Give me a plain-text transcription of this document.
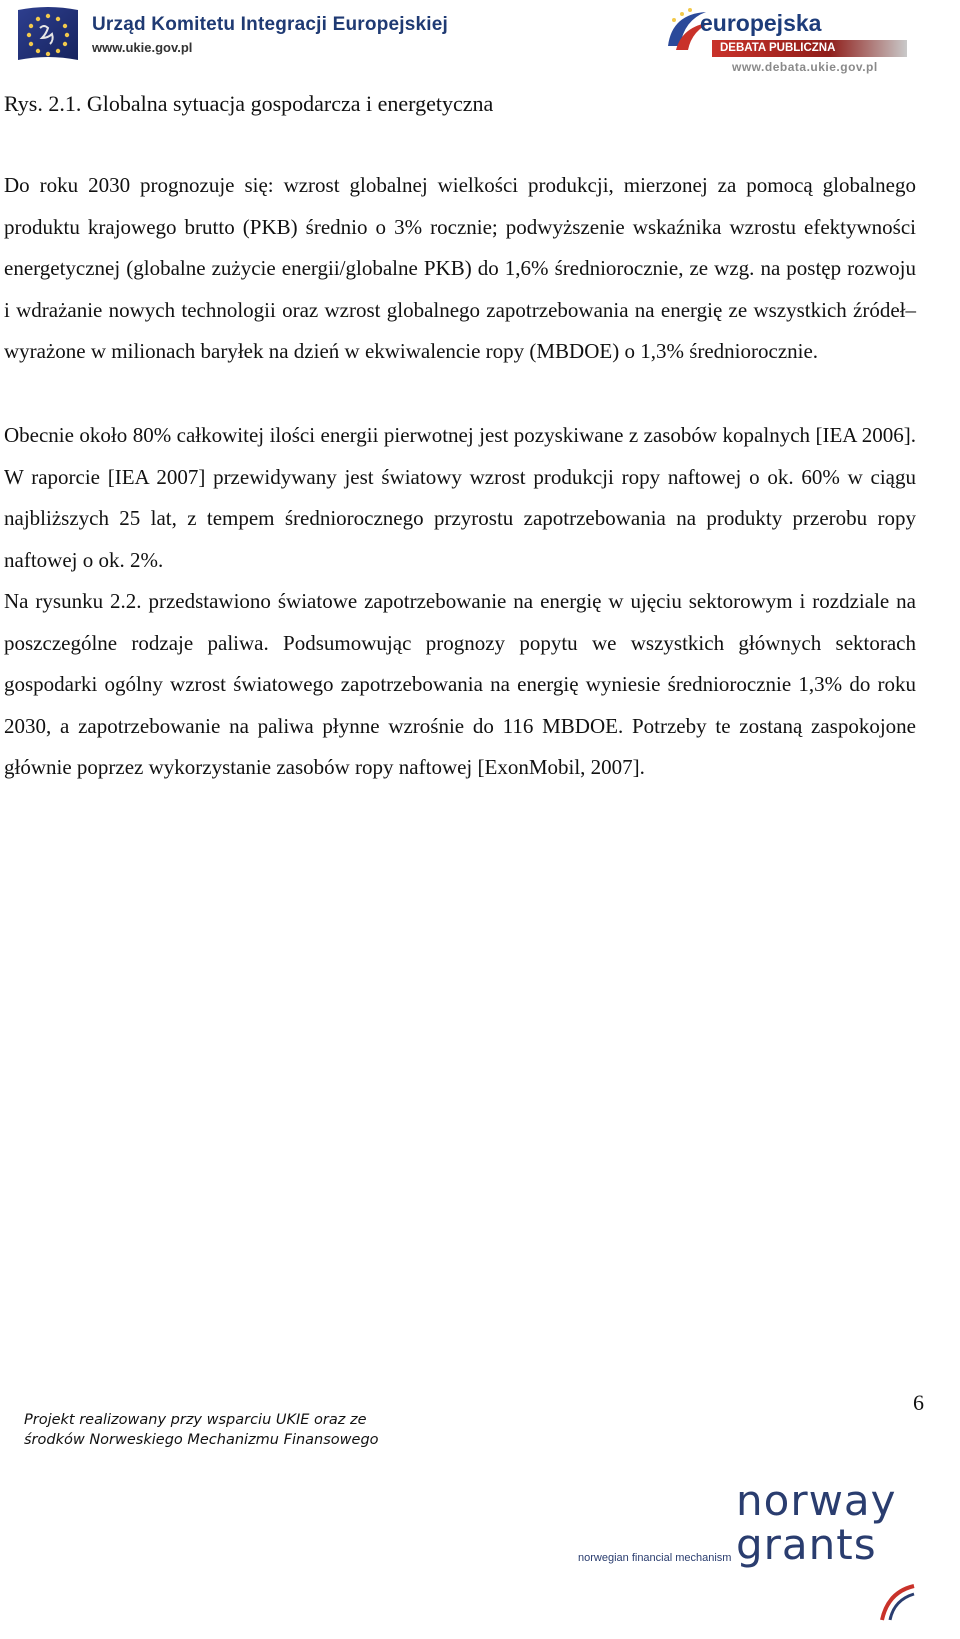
Urząd Komitetu Integracji Europejskiej
www.ukie.gov.pl
europejska
DEBATA PUBLICZNA
www.debata.ukie.gov.pl
Rys. 2.1. Globalna sytuacja gospodarcza i energetyczna

Do roku 2030 prognozuje się: wzrost globalnej wielkości produkcji, mierzonej za pomocą globalnego produktu krajowego brutto (PKB) średnio o 3% rocznie; podwyższenie wskaźnika wzrostu efektywności energetycznej (globalne zużycie energii/globalne PKB) do 1,6% średniorocznie, ze wzg. na postęp rozwoju i wdrażanie nowych technologii oraz wzrost globalnego zapotrzebowania na energię ze wszystkich źródeł–wyrażone w milionach baryłek na dzień w ekwiwalencie ropy (MBDOE) o 1,3% średniorocznie.

Obecnie około 80% całkowitej ilości energii pierwotnej jest pozyskiwane z zasobów kopalnych [IEA 2006]. W raporcie [IEA 2007] przewidywany jest światowy wzrost produkcji ropy naftowej o ok. 60% w ciągu najbliższych 25 lat, z tempem średniorocznego przyrostu zapotrzebowania na produkty przerobu ropy naftowej o ok. 2%.

Na rysunku 2.2. przedstawiono światowe zapotrzebowanie na energię w ujęciu sektorowym i rozdziale na poszczególne rodzaje paliwa. Podsumowując prognozy popytu we wszystkich głównych sektorach gospodarki ogólny wzrost światowego zapotrzebowania na energię wyniesie średniorocznie 1,3% do roku 2030, a zapotrzebowanie na paliwa płynne wzrośnie do 116 MBDOE. Potrzeby te zostaną zaspokojone głównie poprzez wykorzystanie zasobów ropy naftowej [ExonMobil, 2007].

6
Projekt realizowany przy wsparciu UKIE oraz ze
środków Norweskiego Mechanizmu Finansowego
norway
grants
norwegian financial mechanism
